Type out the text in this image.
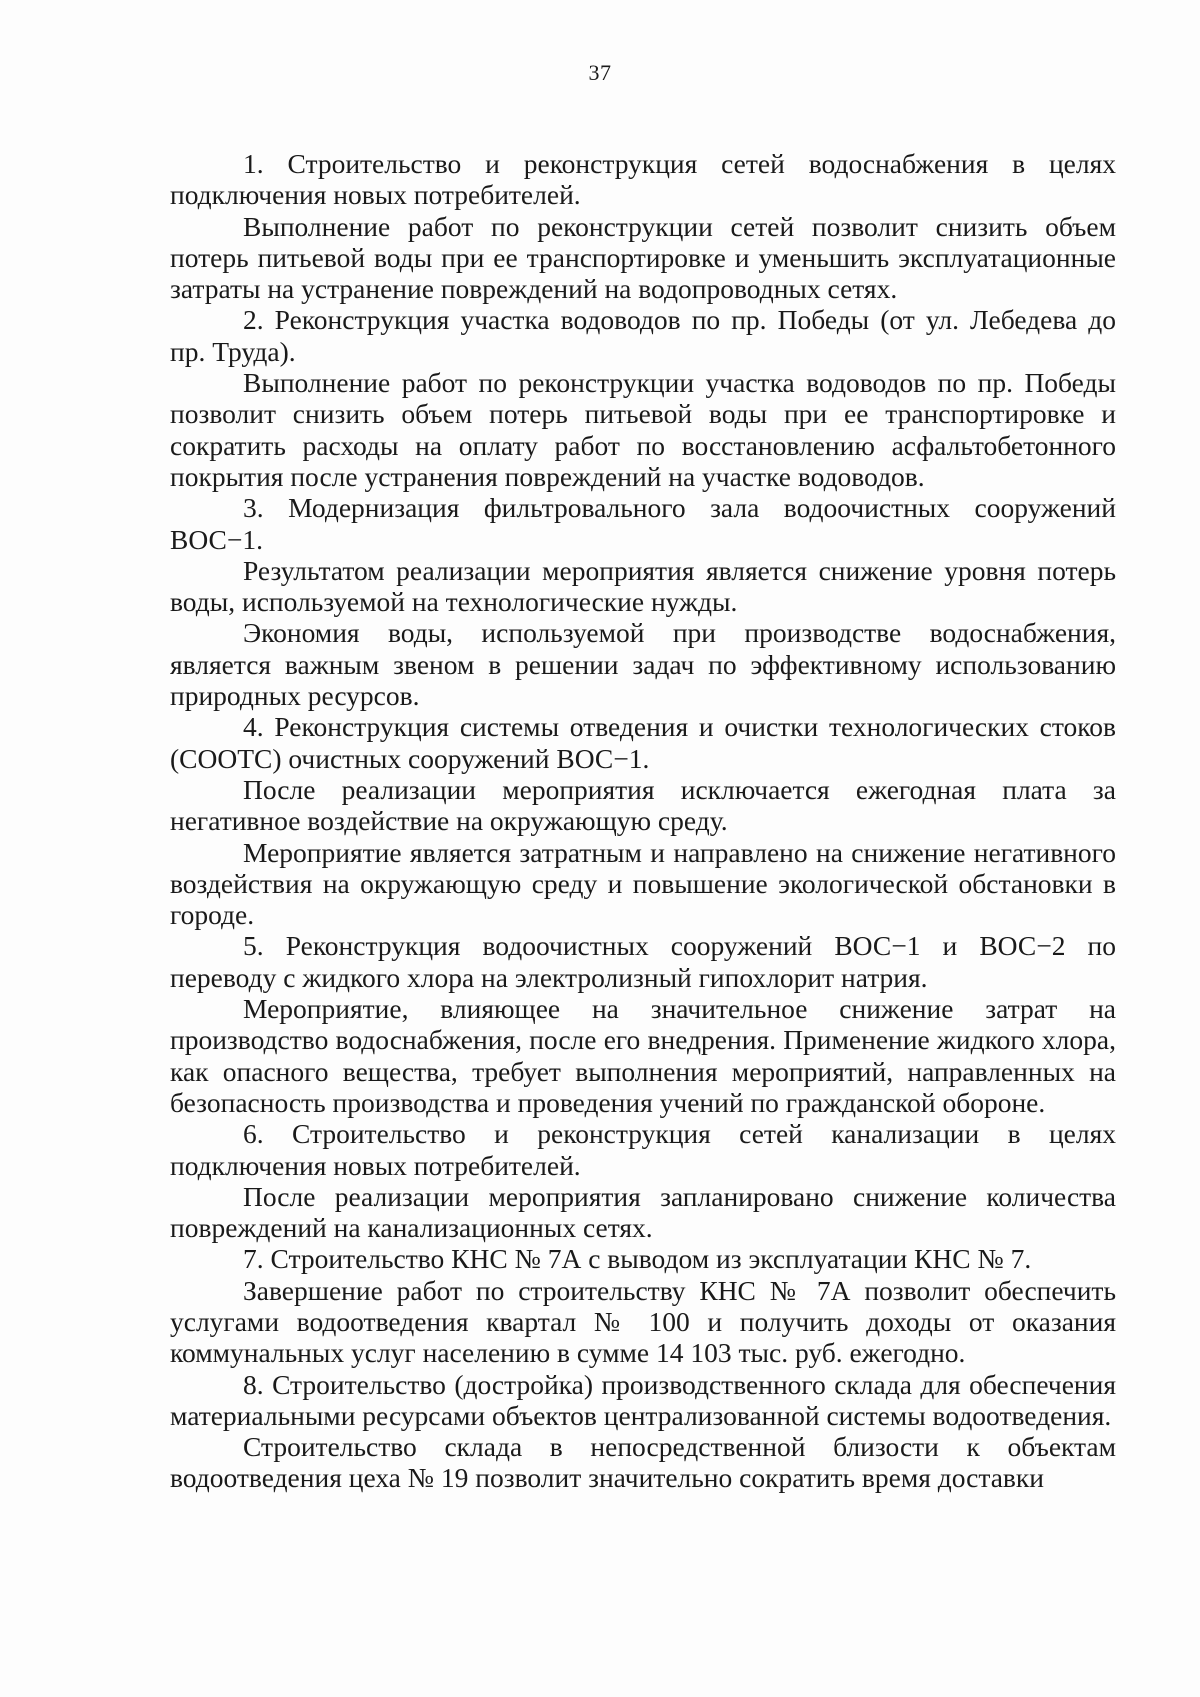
37

1. Строительство и реконструкция сетей водоснабжения в целях подключения новых потребителей.

Выполнение работ по реконструкции сетей позволит снизить объем потерь питьевой воды при ее транспортировке и уменьшить эксплуатационные затраты на устранение повреждений на водопроводных сетях.

2. Реконструкция участка водоводов по пр. Победы (от ул. Лебедева до пр. Труда).

Выполнение работ по реконструкции участка водоводов по пр. Победы позволит снизить объем потерь питьевой воды при ее транспортировке и сократить расходы на оплату работ по восстановлению асфальтобетонного покрытия после устранения повреждений на участке водоводов.

3. Модернизация фильтровального зала водоочистных сооружений ВОС−1.

Результатом реализации мероприятия является снижение уровня потерь воды, используемой на технологические нужды.

Экономия воды, используемой при производстве водоснабжения, является важным звеном в решении задач по эффективному использованию природных ресурсов.

4. Реконструкция системы отведения и очистки технологических стоков (СООТС) очистных сооружений ВОС−1.

После реализации мероприятия исключается ежегодная плата за негативное воздействие на окружающую среду.

Мероприятие является затратным и направлено на снижение негативного воздействия на окружающую среду и повышение экологической обстановки в городе.

5. Реконструкция водоочистных сооружений ВОС−1 и ВОС−2 по переводу с жидкого хлора на электролизный гипохлорит натрия.

Мероприятие, влияющее на значительное снижение затрат на производство водоснабжения, после его внедрения. Применение жидкого хлора, как опасного вещества, требует выполнения мероприятий, направленных на безопасность производства и проведения учений по гражданской обороне.

6. Строительство и реконструкция сетей канализации в целях подключения новых потребителей.

После реализации мероприятия запланировано снижение количества повреждений на канализационных сетях.

7. Строительство КНС № 7А с выводом из эксплуатации КНС № 7.

Завершение работ по строительству КНС № 7А позволит обеспечить услугами водоотведения квартал № 100 и получить доходы от оказания коммунальных услуг населению в сумме 14 103 тыс. руб. ежегодно.

8. Строительство (достройка) производственного склада для обеспечения материальными ресурсами объектов централизованной системы водоотведения.

Строительство склада в непосредственной близости к объектам водоотведения цеха № 19 позволит значительно сократить время доставки
